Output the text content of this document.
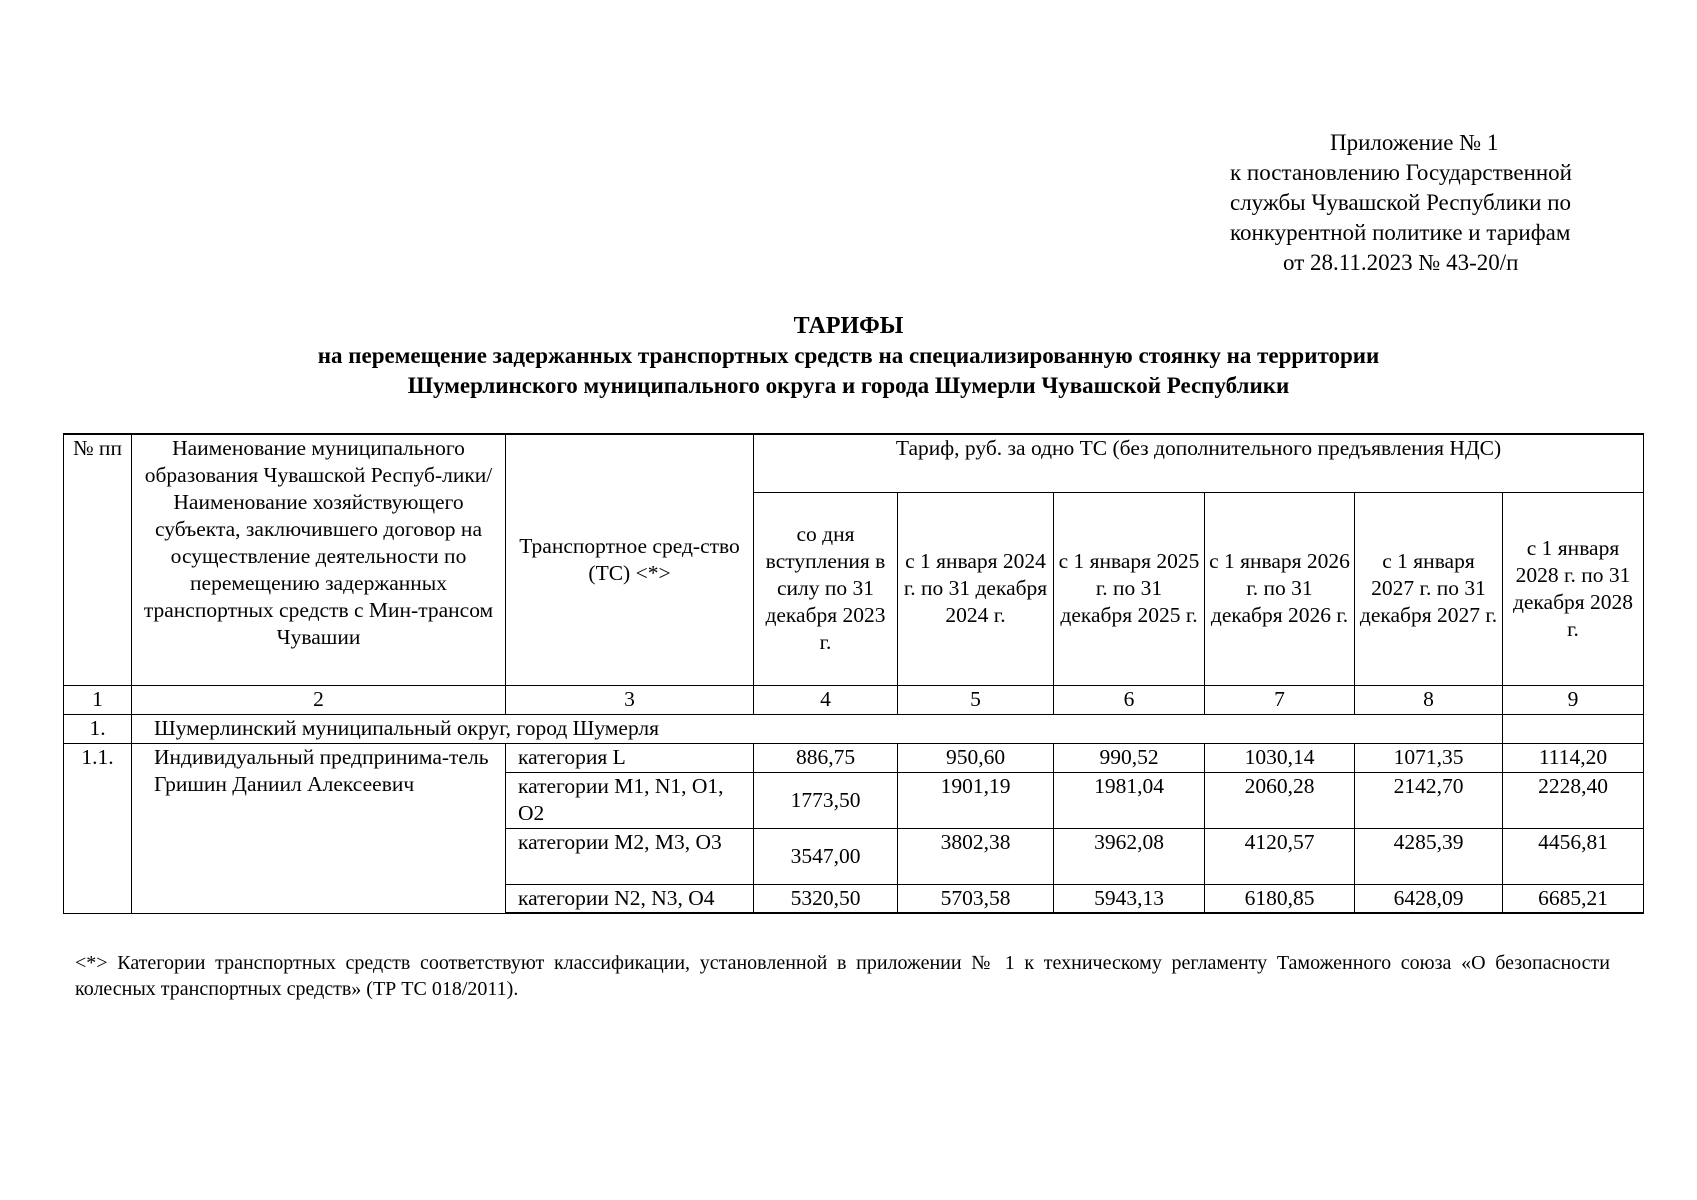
Приложение № 1
к постановлению Государственной
службы Чувашской Республики по
конкурентной политике и тарифам
от 28.11.2023 № 43-20/п
ТАРИФЫ
на перемещение задержанных транспортных средств на специализированную стоянку на территории
Шумерлинского муниципального округа и города Шумерли Чувашской Республики
№ пп	Наименование муниципального образования Чувашской Респуб-лики/ Наименование хозяйствующего субъекта, заключившего договор на осуществление деятельности по перемещению задержанных транспортных средств с Мин-трансом Чувашии	Транспортное сред-ство (ТС) <*>	Тариф, руб. за одно ТС (без дополнительного предъявления НДС)					
			со дня вступления в силу по 31 декабря 2023 г.	с 1 января 2024 г. по 31 декабря 2024 г.	с 1 января 2025 г. по 31 декабря 2025 г.	с 1 января 2026 г. по 31 декабря 2026 г.	с 1 января 2027 г. по 31 декабря 2027 г.	с 1 января 2028 г. по 31 декабря 2028 г.
1	2	3	4	5	6	7	8	9
1.	Шумерлинский муниципальный округ, город Шумерля							
1.1.	Индивидуальный предпринима-тель Гришин Даниил Алексеевич	категория L	886,75	950,60	990,52	1030,14	1071,35	1114,20
		категории M1, N1, O1, O2	1773,50	1901,19	1981,04	2060,28	2142,70	2228,40
		категории M2, M3, O3	3547,00	3802,38	3962,08	4120,57	4285,39	4456,81
		категории N2, N3, O4	5320,50	5703,58	5943,13	6180,85	6428,09	6685,21
<*> Категории транспортных средств соответствуют классификации, установленной в приложении № 1 к техническому регламенту Таможенного союза «О безопасности колесных транспортных средств» (ТР ТС 018/2011).
